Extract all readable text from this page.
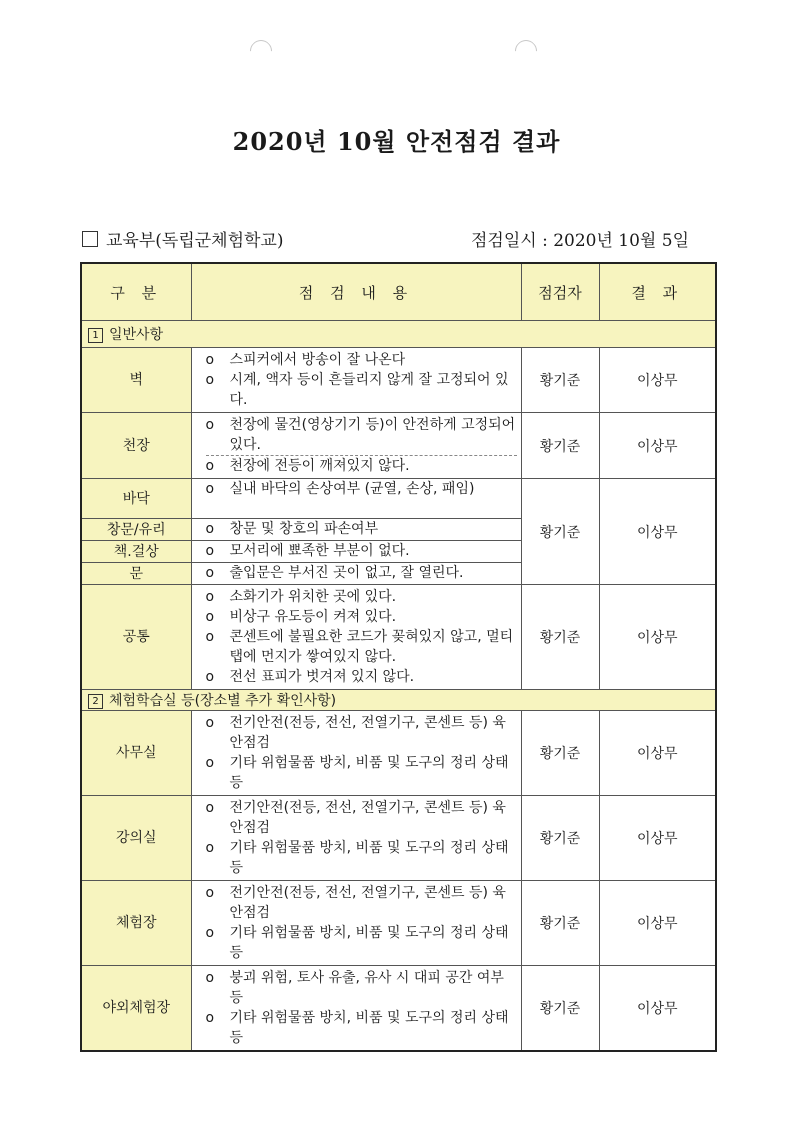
2020년 10월 안전점검 결과
교육부(독립군체험학교)	점검일시 : 2020년 10월 5일
구 분	점 검 내 용	점검자	결 과
1 일반사항			
벽	o 스피커에서 방송이 잘 나온다
o 시계, 액자 등이 흔들리지 않게 잘 고정되어 있다.	황기준	이상무
천장	o 천장에 물건(영상기기 등)이 안전하게 고정되어 있다.
o 천장에 전등이 깨져있지 않다.	황기준	이상무
바닥	o 실내 바닥의 손상여부 (균열, 손상, 패임)	황기준	이상무
창문/유리	o 창문 및 창호의 파손여부

책.걸상	o 모서리에 뾰족한 부분이 없다.

문	o 출입문은 부서진 곳이 없고, 잘 열린다.

공통	o 소화기가 위치한 곳에 있다.
o 비상구 유도등이 켜져 있다.
o 콘센트에 불필요한 코드가 꽂혀있지 않고, 멀티탭에 먼지가 쌓여있지 않다.
o 전선 표피가 벗겨져 있지 않다.	황기준	이상무
2 체험학습실 등(장소별 추가 확인사항)			
사무실	o 전기안전(전등, 전선, 전열기구, 콘센트 등) 육안점검
o 기타 위험물품 방치, 비품 및 도구의 정리 상태 등	황기준	이상무
강의실	o 전기안전(전등, 전선, 전열기구, 콘센트 등) 육안점검
o 기타 위험물품 방치, 비품 및 도구의 정리 상태 등	황기준	이상무
체험장	o 전기안전(전등, 전선, 전열기구, 콘센트 등) 육안점검
o 기타 위험물품 방치, 비품 및 도구의 정리 상태 등	황기준	이상무
야외체험장	o 붕괴 위험, 토사 유출, 유사 시 대피 공간 여부 등
o 기타 위험물품 방치, 비품 및 도구의 정리 상태 등	황기준	이상무
